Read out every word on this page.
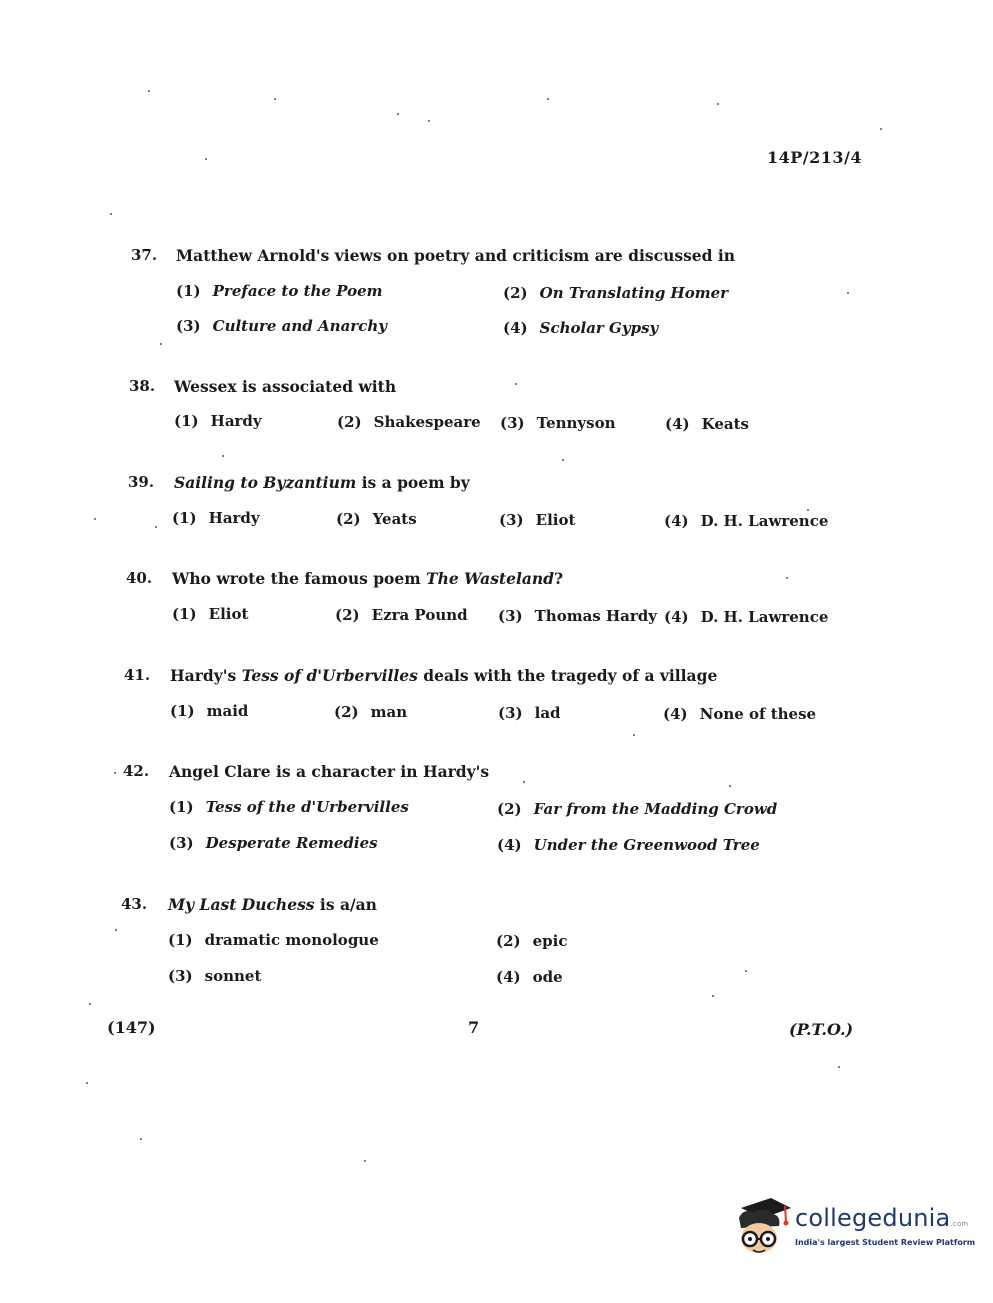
14P/213/4
37. Matthew Arnold's views on poetry and criticism are discussed in
(1) Preface to the Poem	(2) On Translating Homer
(3) Culture and Anarchy	(4) Scholar Gypsy
38. Wessex is associated with
(1) Hardy	(2) Shakespeare (3) Tennyson	(4) Keats
39. Sailing to Byzantium is a poem by
(1) Hardy	(2) Yeats	(3) Eliot	(4) D. H. Lawrence
40. Who wrote the famous poem The Wasteland?
(1) Eliot	(2) Ezra Pound (3) Thomas Hardy (4) D. H. Lawrence
41. Hardy's Tess of d'Urbervilles deals with the tragedy of a village
(1) maid	(2) man	(3) lad	(4) None of these
42. Angel Clare is a character in Hardy's
(1) Tess of the d'Urbervilles	(2) Far from the Madding Crowd
(3) Desperate Remedies	(4) Under the Greenwood Tree
43. My Last Duchess is a/an
(1) dramatic monologue	(2) epic
(3) sonnet	(4) ode
(147)	7	(P.T.O.)
collegedunia.com
India's largest Student Review Platform
